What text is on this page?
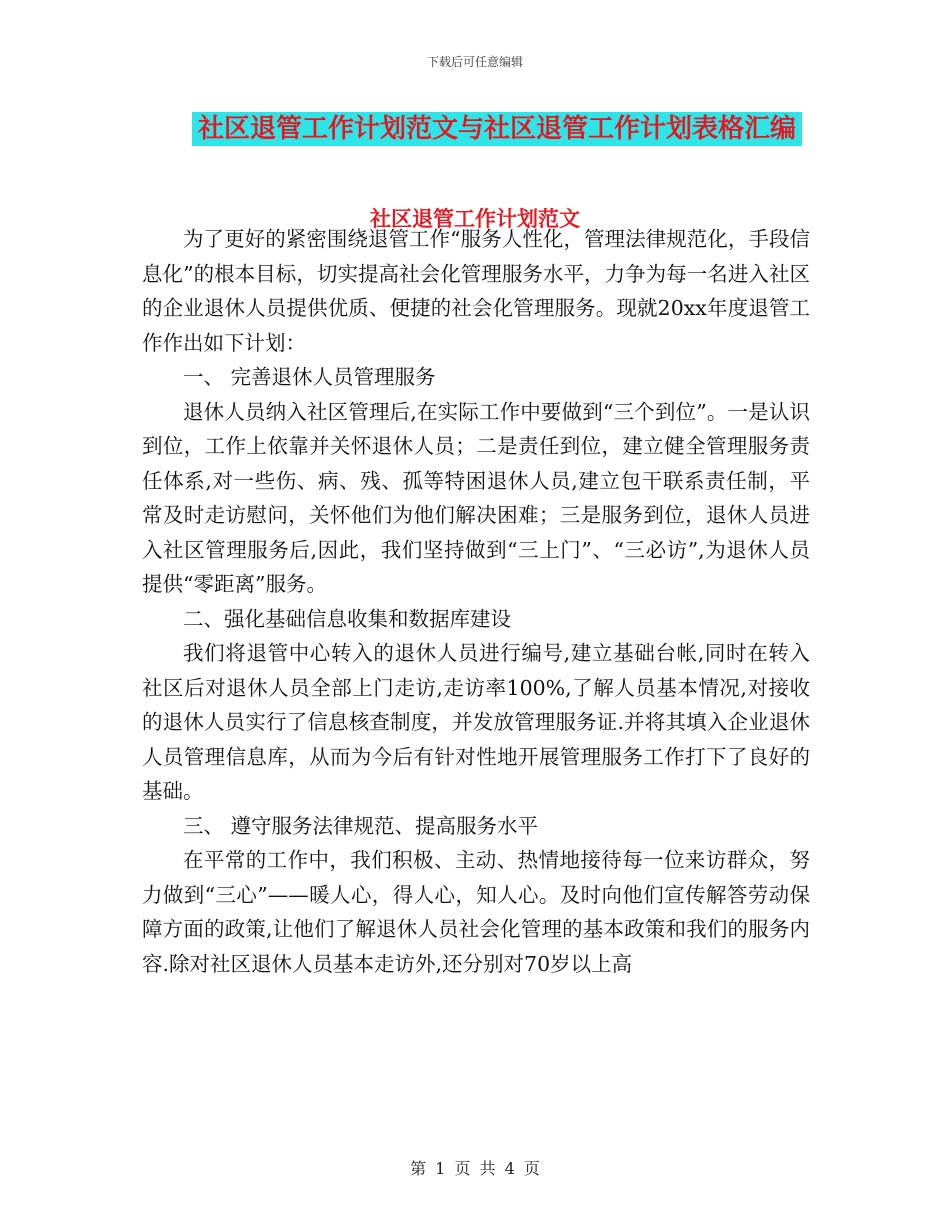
下载后可任意编辑
社区退管工作计划范文与社区退管工作计划表格汇编
社区退管工作计划范文

为了更好的紧密围绕退管工作“服务人性化，管理法律规范化，手段信息化”的根本目标，切实提高社会化管理服务水平，力争为每一名进入社区的企业退休人员提供优质、便捷的社会化管理服务。现就20xx年度退管工作作出如下计划：

一、 完善退休人员管理服务

退休人员纳入社区管理后,在实际工作中要做到“三个到位”。一是认识到位，工作上依靠并关怀退休人员；二是责任到位，建立健全管理服务责任体系,对一些伤、病、残、孤等特困退休人员,建立包干联系责任制，平常及时走访慰问，关怀他们为他们解决困难；三是服务到位，退休人员进入社区管理服务后,因此，我们坚持做到“三上门”、“三必访”,为退休人员提供“零距离”服务。

二、强化基础信息收集和数据库建设

我们将退管中心转入的退休人员进行编号,建立基础台帐,同时在转入社区后对退休人员全部上门走访,走访率100%,了解人员基本情况,对接收的退休人员实行了信息核查制度，并发放管理服务证.并将其填入企业退休人员管理信息库，从而为今后有针对性地开展管理服务工作打下了良好的基础。

三、 遵守服务法律规范、提高服务水平

在平常的工作中，我们积极、主动、热情地接待每一位来访群众，努力做到“三心”——暖人心，得人心，知人心。及时向他们宣传解答劳动保障方面的政策,让他们了解退休人员社会化管理的基本政策和我们的服务内容.除对社区退休人员基本走访外,还分别对70岁以上高

第 1 页 共 4 页
